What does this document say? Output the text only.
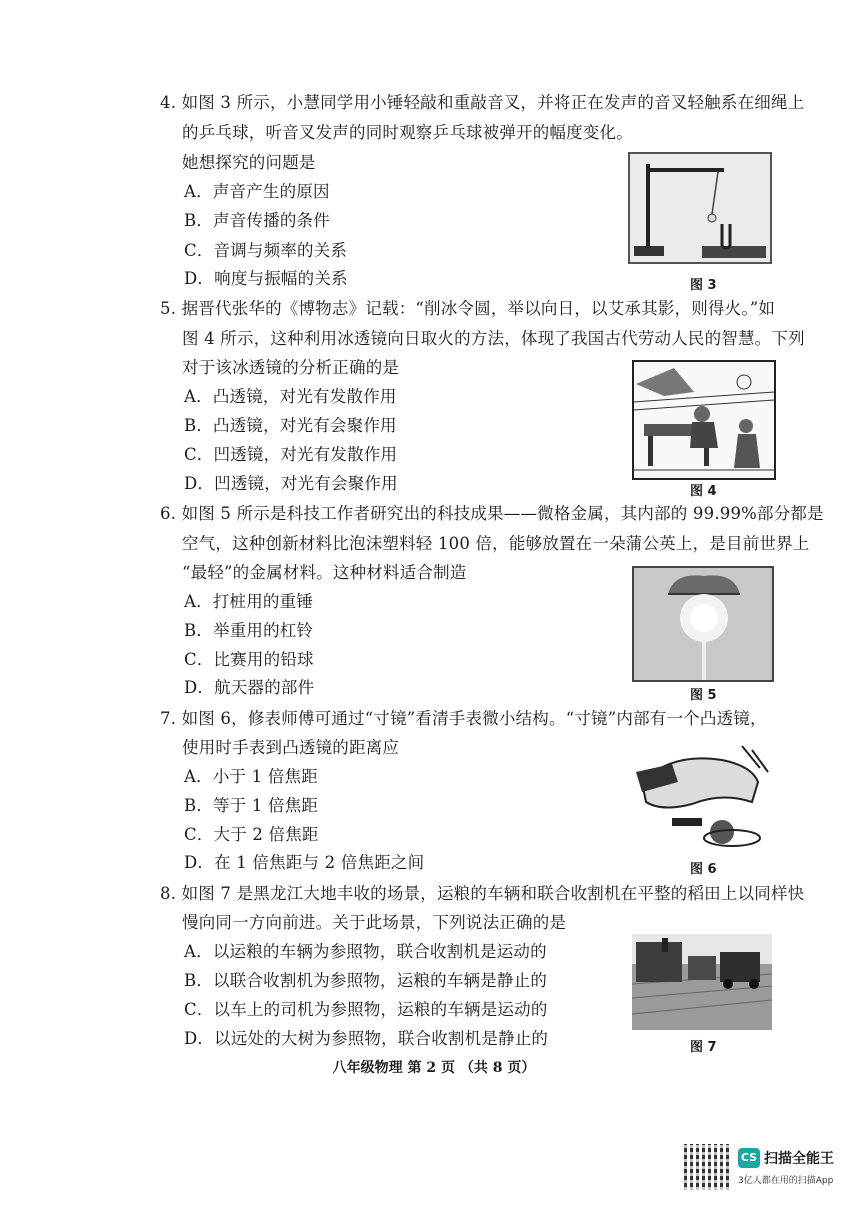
4. 如图 3 所示，小慧同学用小锤轻敲和重敲音叉，并将正在发声的音叉轻触系在细绳上
的乒乓球，听音叉发声的同时观察乒乓球被弹开的幅度变化。
她想探究的问题是
A．声音产生的原因
B．声音传播的条件
C．音调与频率的关系
D．响度与振幅的关系	图 3
5. 据晋代张华的《博物志》记载：“削冰令圆，举以向日，以艾承其影，则得火。”如
图 4 所示，这种利用冰透镜向日取火的方法，体现了我国古代劳动人民的智慧。下列
对于该冰透镜的分析正确的是
A．凸透镜，对光有发散作用
B．凸透镜，对光有会聚作用
C．凹透镜，对光有发散作用
D．凹透镜，对光有会聚作用	图 4
6. 如图 5 所示是科技工作者研究出的科技成果——微格金属，其内部的 99.99%部分都是
空气，这种创新材料比泡沫塑料轻 100 倍，能够放置在一朵蒲公英上，是目前世界上
“最轻”的金属材料。这种材料适合制造
A．打桩用的重锤
B．举重用的杠铃
C．比赛用的铅球
D．航天器的部件	图 5
7. 如图 6，修表师傅可通过“寸镜”看清手表微小结构。“寸镜”内部有一个凸透镜，
使用时手表到凸透镜的距离应
A．小于 1 倍焦距
B．等于 1 倍焦距
C．大于 2 倍焦距
D．在 1 倍焦距与 2 倍焦距之间	图 6
8. 如图 7 是黑龙江大地丰收的场景，运粮的车辆和联合收割机在平整的稻田上以同样快
慢向同一方向前进。关于此场景，下列说法正确的是
A．以运粮的车辆为参照物，联合收割机是运动的
B．以联合收割机为参照物，运粮的车辆是静止的
C．以车上的司机为参照物，运粮的车辆是运动的
D．以远处的大树为参照物，联合收割机是静止的	图 7
八年级物理 第 2 页 （共 8 页）
CS 扫描全能王
3亿人都在用的扫描App
